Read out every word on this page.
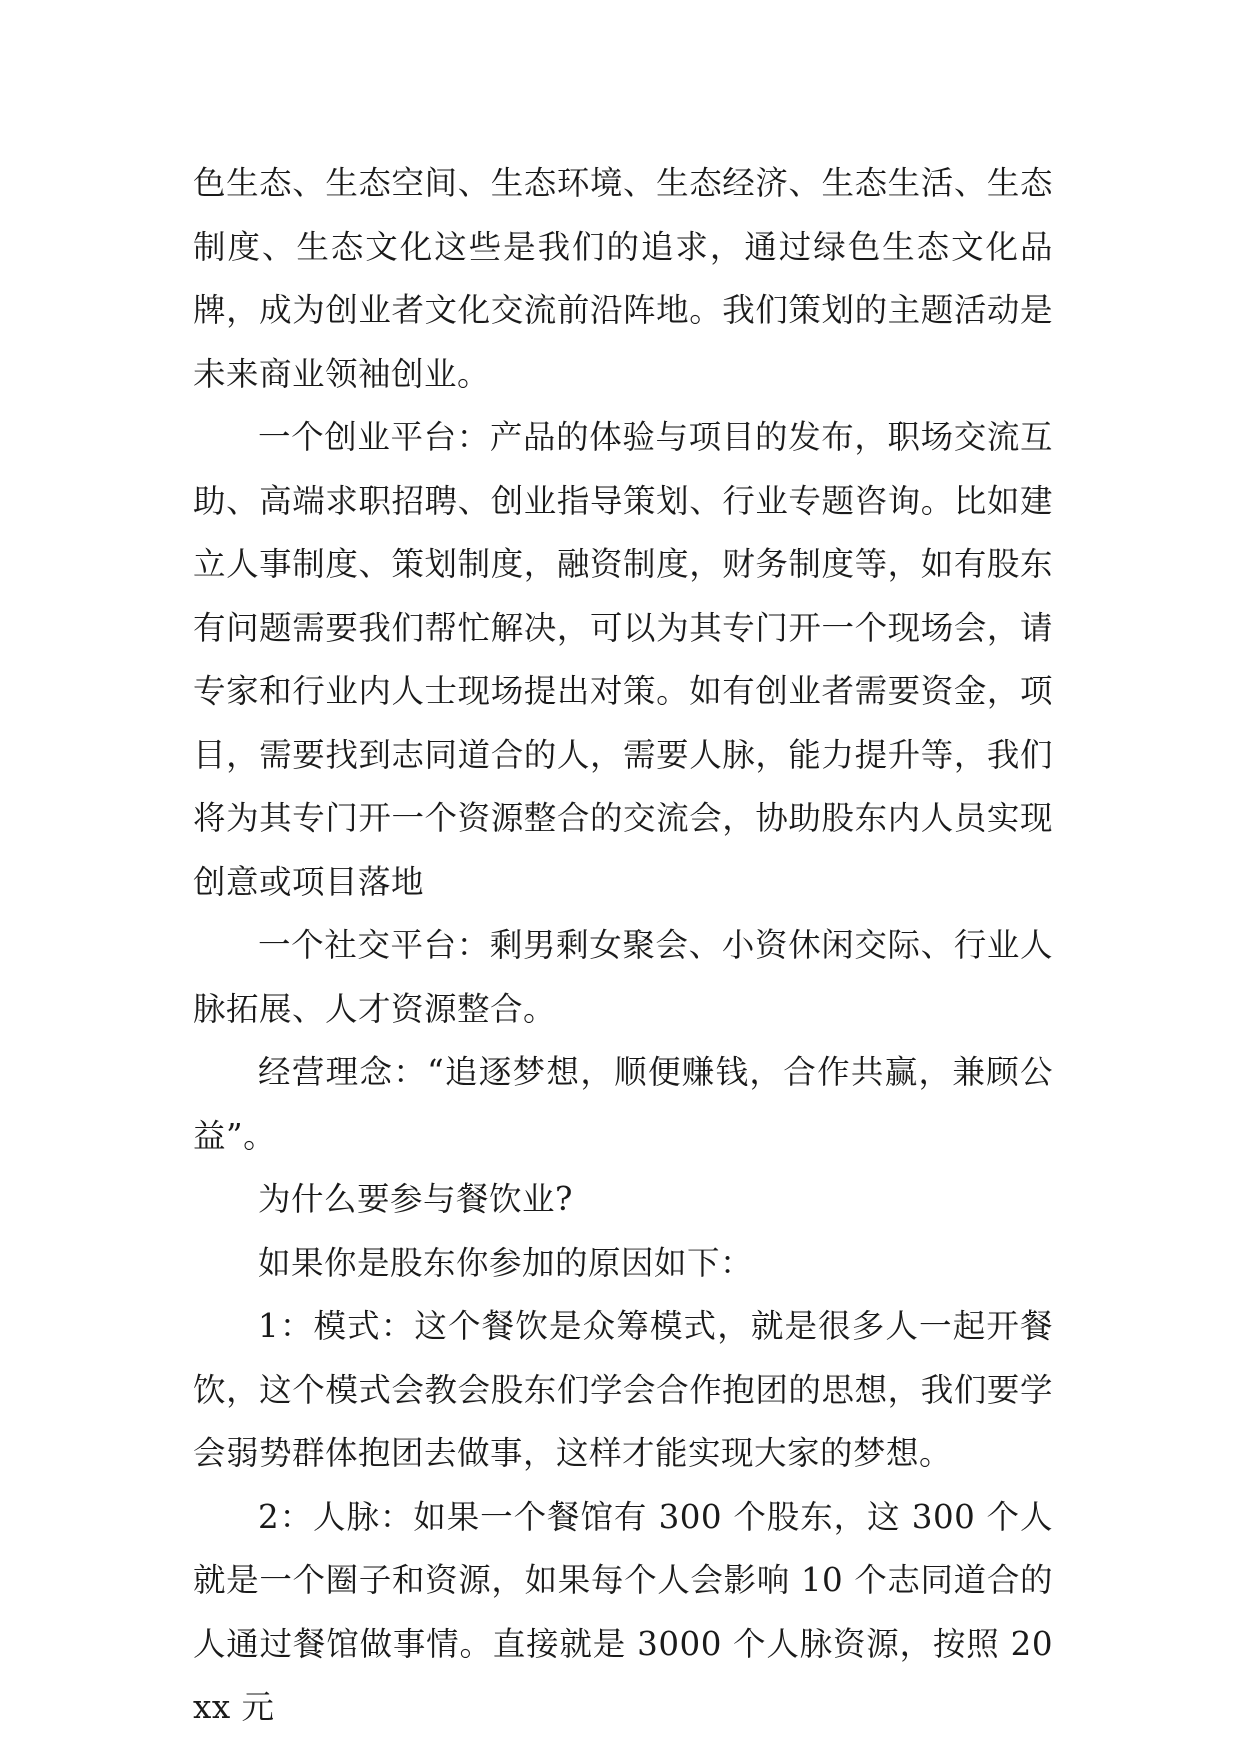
色生态、生态空间、生态环境、生态经济、生态生活、生态制度、生态文化这些是我们的追求，通过绿色生态文化品牌，成为创业者文化交流前沿阵地。我们策划的主题活动是未来商业领袖创业。

一个创业平台：产品的体验与项目的发布，职场交流互助、高端求职招聘、创业指导策划、行业专题咨询。比如建立人事制度、策划制度，融资制度，财务制度等，如有股东有问题需要我们帮忙解决，可以为其专门开一个现场会，请专家和行业内人士现场提出对策。如有创业者需要资金，项目，需要找到志同道合的人，需要人脉，能力提升等，我们将为其专门开一个资源整合的交流会，协助股东内人员实现创意或项目落地

一个社交平台：剩男剩女聚会、小资休闲交际、行业人脉拓展、人才资源整合。

经营理念：“追逐梦想，顺便赚钱，合作共赢，兼顾公益”。

为什么要参与餐饮业?

如果你是股东你参加的原因如下：

1：模式：这个餐饮是众筹模式，就是很多人一起开餐饮，这个模式会教会股东们学会合作抱团的思想，我们要学会弱势群体抱团去做事，这样才能实现大家的梦想。

2：人脉：如果一个餐馆有 300 个股东，这 300 个人就是一个圈子和资源，如果每个人会影响 10 个志同道合的人通过餐馆做事情。直接就是 3000 个人脉资源，按照 20xx 元
